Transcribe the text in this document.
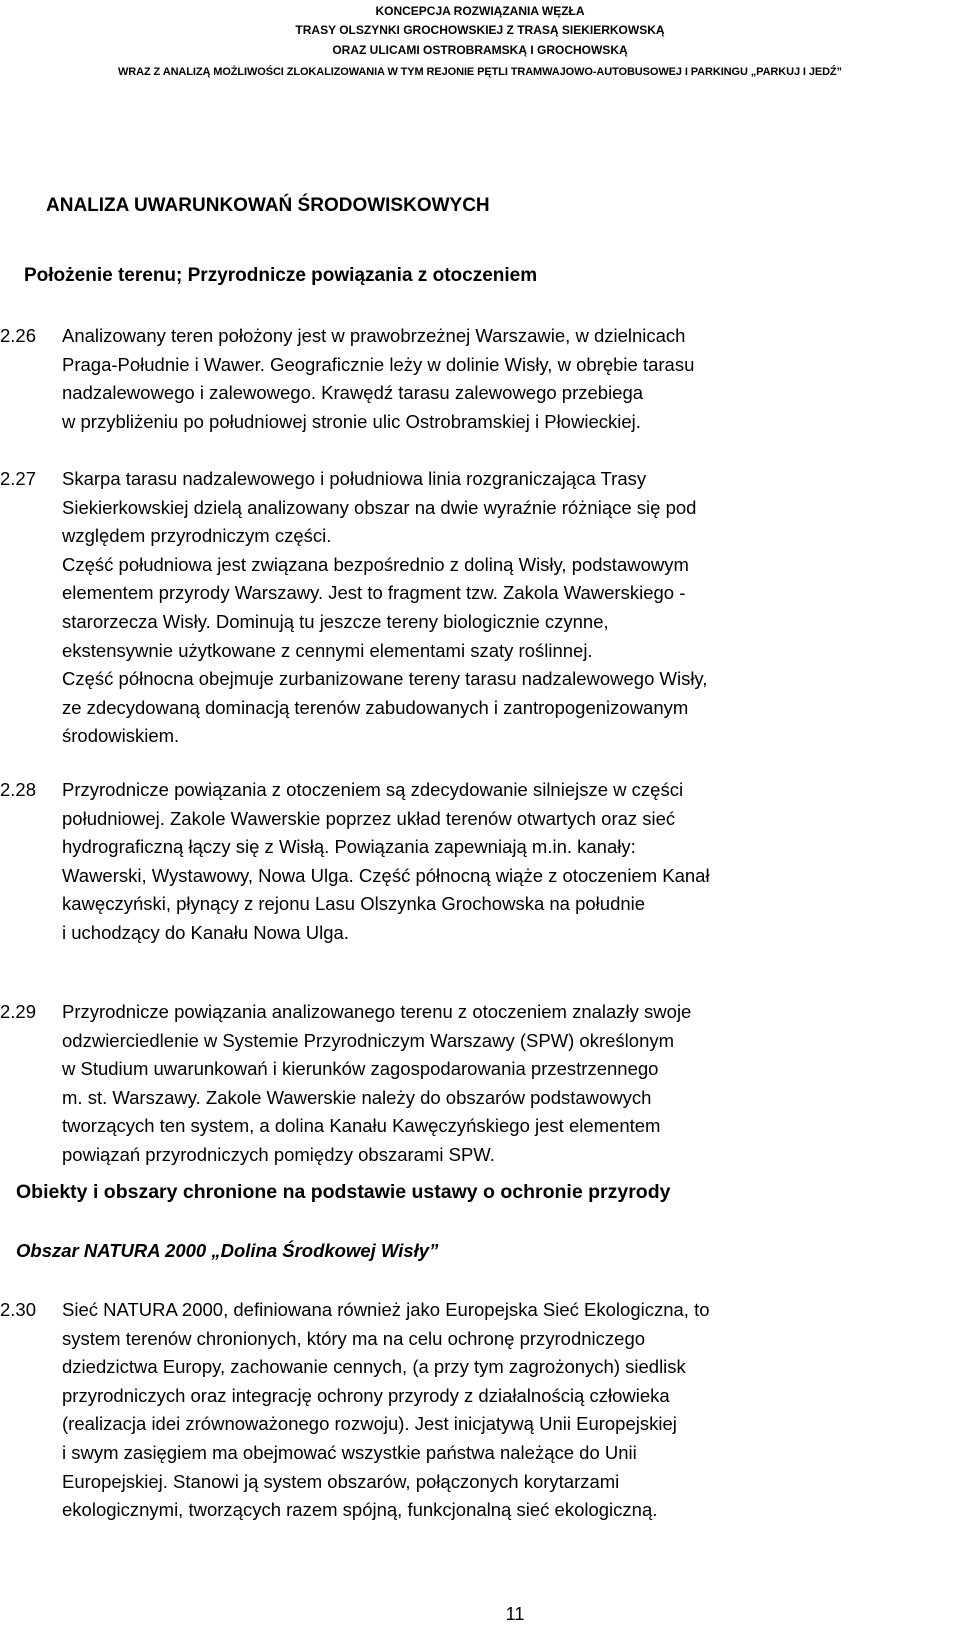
KONCEPCJA ROZWIĄZANIA WĘZŁA
TRASY OLSZYNKI GROCHOWSKIEJ Z TRASĄ SIEKIERKOWSKĄ
ORAZ ULICAMI OSTROBRAMSKĄ I GROCHOWSKĄ
WRAZ Z ANALIZĄ MOŻLIWOŚCI ZLOKALIZOWANIA W TYM REJONIE PĘTLI TRAMWAJOWO-AUTOBUSOWEJ I PARKINGU „PARKUJ I JEDŹ”
ANALIZA UWARUNKOWAŃ ŚRODOWISKOWYCH
Położenie terenu; Przyrodnicze powiązania z otoczeniem
2.26 Analizowany teren położony jest w prawobrzeżnej Warszawie, w dzielnicach
Praga-Południe i Wawer. Geograficznie leży w dolinie Wisły, w obrębie tarasu
nadzalewowego i zalewowego. Krawędź tarasu zalewowego przebiega
w przybliżeniu po południowej stronie ulic Ostrobramskiej i Płowieckiej.
2.27 Skarpa tarasu nadzalewowego i południowa linia rozgraniczająca Trasy
Siekierkowskiej dzielą analizowany obszar na dwie wyraźnie różniące się pod
względem przyrodniczym części.
Część południowa jest związana bezpośrednio z doliną Wisły, podstawowym
elementem przyrody Warszawy. Jest to fragment tzw. Zakola Wawerskiego -
starorzecza Wisły. Dominują tu jeszcze tereny biologicznie czynne,
ekstensywnie użytkowane z cennymi elementami szaty roślinnej.
Część północna obejmuje zurbanizowane tereny tarasu nadzalewowego Wisły,
ze zdecydowaną dominacją terenów zabudowanych i zantropogenizowanym
środowiskiem.
2.28 Przyrodnicze powiązania z otoczeniem są zdecydowanie silniejsze w części
południowej. Zakole Wawerskie poprzez układ terenów otwartych oraz sieć
hydrograficzną łączy się z Wisłą. Powiązania zapewniają m.in. kanały:
Wawerski, Wystawowy, Nowa Ulga. Część północną wiąże z otoczeniem Kanał
kawęczyński, płynący z rejonu Lasu Olszynka Grochowska na południe
i uchodzący do Kanału Nowa Ulga.
2.29 Przyrodnicze powiązania analizowanego terenu z otoczeniem znalazły swoje
odzwierciedlenie w Systemie Przyrodniczym Warszawy (SPW) określonym
w Studium uwarunkowań i kierunków zagospodarowania przestrzennego
m. st. Warszawy. Zakole Wawerskie należy do obszarów podstawowych
tworzących ten system, a dolina Kanału Kawęczyńskiego jest elementem
powiązań przyrodniczych pomiędzy obszarami SPW.
Obiekty i obszary chronione na podstawie ustawy o ochronie przyrody
Obszar NATURA 2000 „Dolina Środkowej Wisły”
2.30 Sieć NATURA 2000, definiowana również jako Europejska Sieć Ekologiczna, to
system terenów chronionych, który ma na celu ochronę przyrodniczego
dziedzictwa Europy, zachowanie cennych, (a przy tym zagrożonych) siedlisk
przyrodniczych oraz integrację ochrony przyrody z działalnością człowieka
(realizacja idei zrównoważonego rozwoju). Jest inicjatywą Unii Europejskiej
i swym zasięgiem ma obejmować wszystkie państwa należące do Unii
Europejskiej. Stanowi ją system obszarów, połączonych korytarzami
ekologicznymi, tworzących razem spójną, funkcjonalną sieć ekologiczną.
11
